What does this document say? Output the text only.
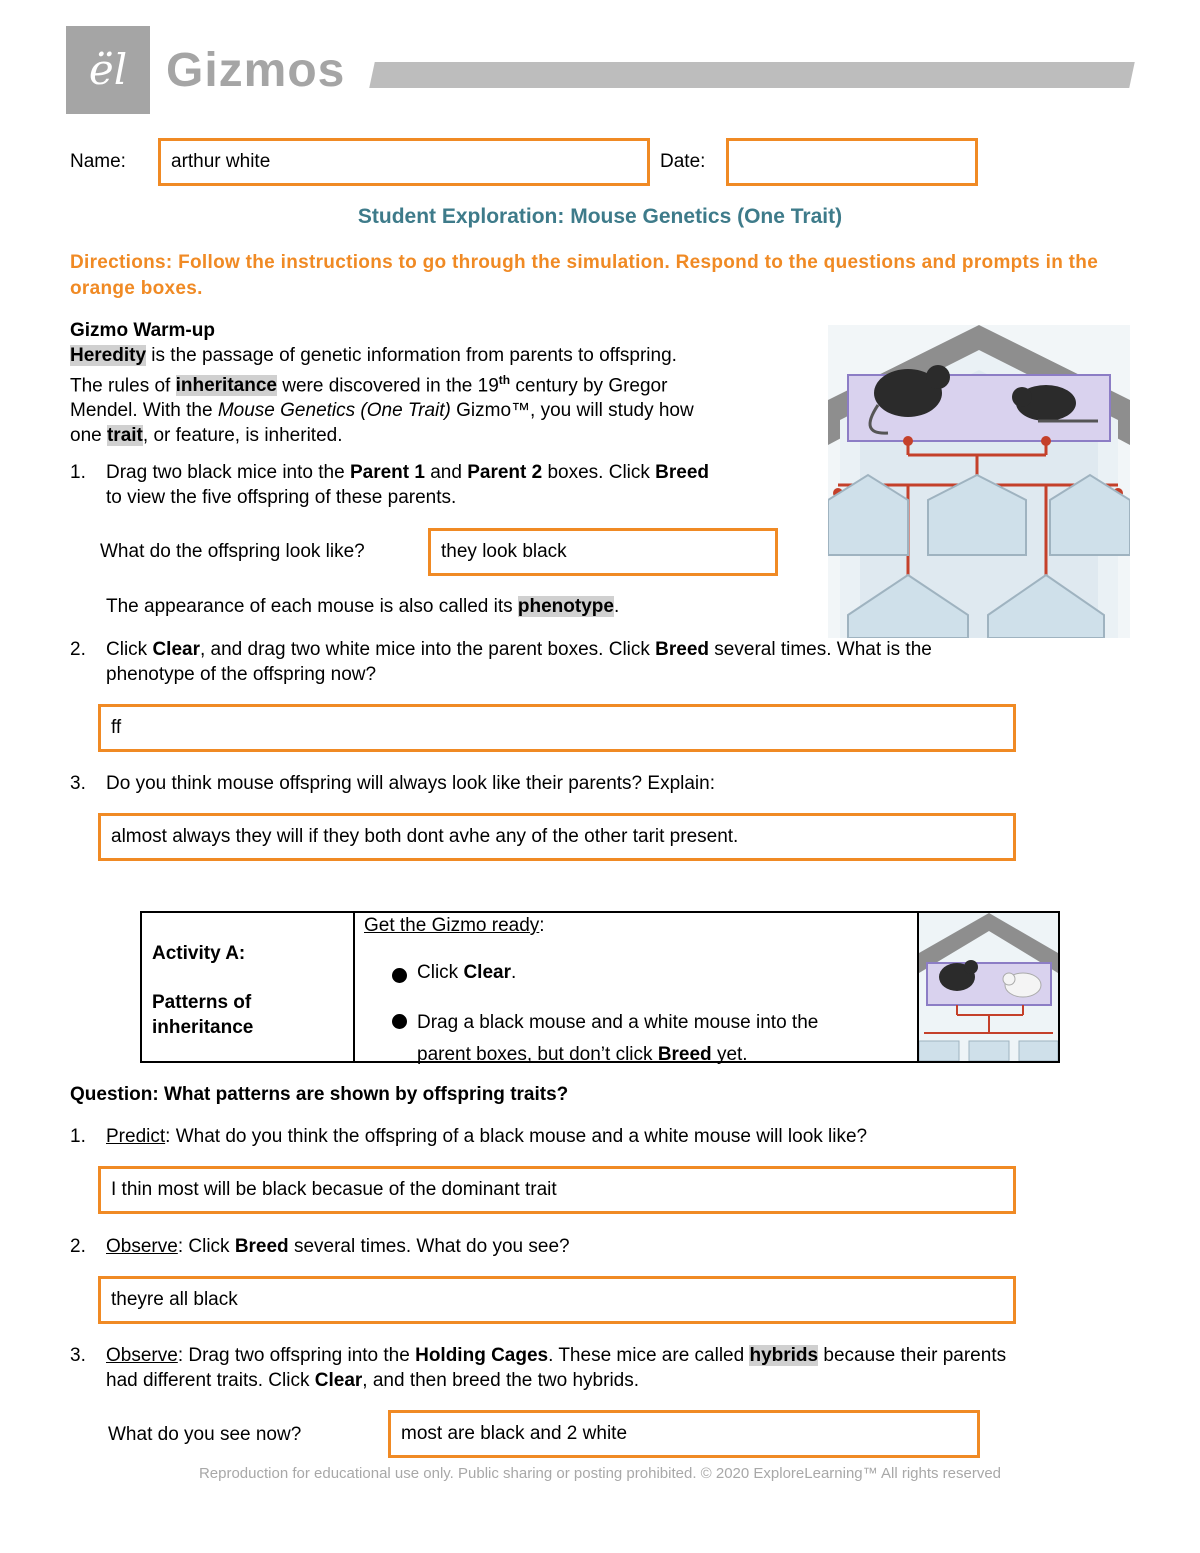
ël Gizmos
Name:	arthur white	Date:
Student Exploration: Mouse Genetics (One Trait)
Directions: Follow the instructions to go through the simulation. Respond to the questions and prompts in the orange boxes.
Gizmo Warm-up
Heredity is the passage of genetic information from parents to offspring.
The rules of inheritance were discovered in the 19th century by Gregor
Mendel. With the Mouse Genetics (One Trait) Gizmo™, you will study how
one trait, or feature, is inherited.
1. Drag two black mice into the Parent 1 and Parent 2 boxes. Click Breed
to view the five offspring of these parents.
What do the offspring look like?	they look black
The appearance of each mouse is also called its phenotype.
2. Click Clear, and drag two white mice into the parent boxes. Click Breed several times. What is the
phenotype of the offspring now?
ff
3. Do you think mouse offspring will always look like their parents? Explain:
almost always they will if they both dont avhe any of the other tarit present.
Activity A:
Patterns of
inheritance
Get the Gizmo ready:
Click Clear.
Drag a black mouse and a white mouse into the
parent boxes, but don’t click Breed yet.
Question: What patterns are shown by offspring traits?
1. Predict: What do you think the offspring of a black mouse and a white mouse will look like?
I thin most will be black becasue of the dominant trait
2. Observe: Click Breed several times. What do you see?
theyre all black
3. Observe: Drag two offspring into the Holding Cages. These mice are called hybrids because their parents
had different traits. Click Clear, and then breed the two hybrids.
What do you see now?	most are black and 2 white
Reproduction for educational use only. Public sharing or posting prohibited. © 2020 ExploreLearning™ All rights reserved
